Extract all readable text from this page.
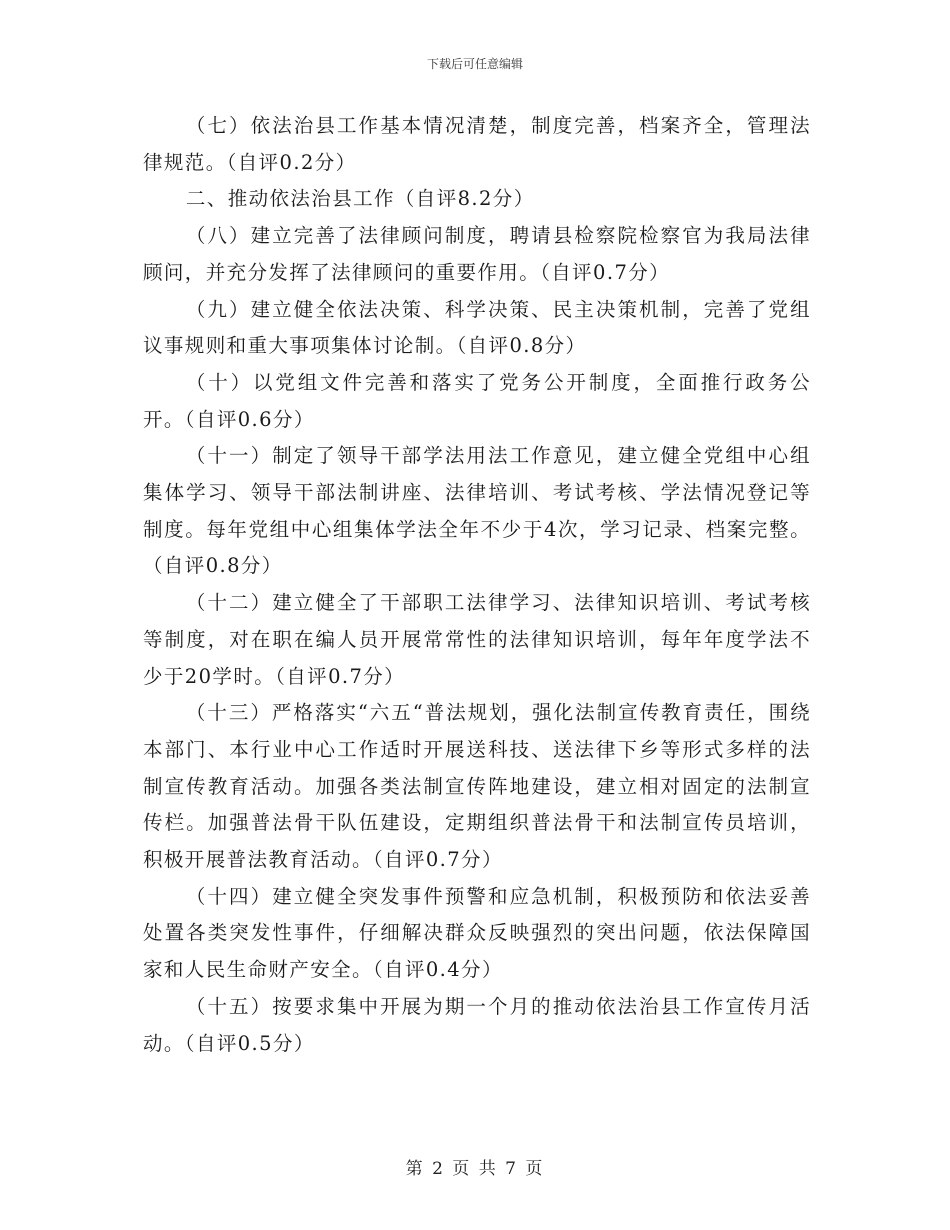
下载后可任意编辑

（七）依法治县工作基本情况清楚，制度完善，档案齐全，管理法律规范。（自评0.2分）

二、推动依法治县工作（自评8.2分）

（八）建立完善了法律顾问制度，聘请县检察院检察官为我局法律顾问，并充分发挥了法律顾问的重要作用。（自评0.7分）

（九）建立健全依法决策、科学决策、民主决策机制，完善了党组议事规则和重大事项集体讨论制。（自评0.8分）

（十）以党组文件完善和落实了党务公开制度，全面推行政务公开。（自评0.6分）

（十一）制定了领导干部学法用法工作意见，建立健全党组中心组集体学习、领导干部法制讲座、法律培训、考试考核、学法情况登记等制度。每年党组中心组集体学法全年不少于4次，学习记录、档案完整。（自评0.8分）

（十二）建立健全了干部职工法律学习、法律知识培训、考试考核等制度，对在职在编人员开展常常性的法律知识培训，每年年度学法不少于20学时。（自评0.7分）

（十三）严格落实“六五“普法规划，强化法制宣传教育责任，围绕本部门、本行业中心工作适时开展送科技、送法律下乡等形式多样的法制宣传教育活动。加强各类法制宣传阵地建设，建立相对固定的法制宣传栏。加强普法骨干队伍建设，定期组织普法骨干和法制宣传员培训，积极开展普法教育活动。（自评0.7分）

（十四）建立健全突发事件预警和应急机制，积极预防和依法妥善处置各类突发性事件，仔细解决群众反映强烈的突出问题，依法保障国家和人民生命财产安全。（自评0.4分）

（十五）按要求集中开展为期一个月的推动依法治县工作宣传月活动。（自评0.5分）

第 2 页 共 7 页
